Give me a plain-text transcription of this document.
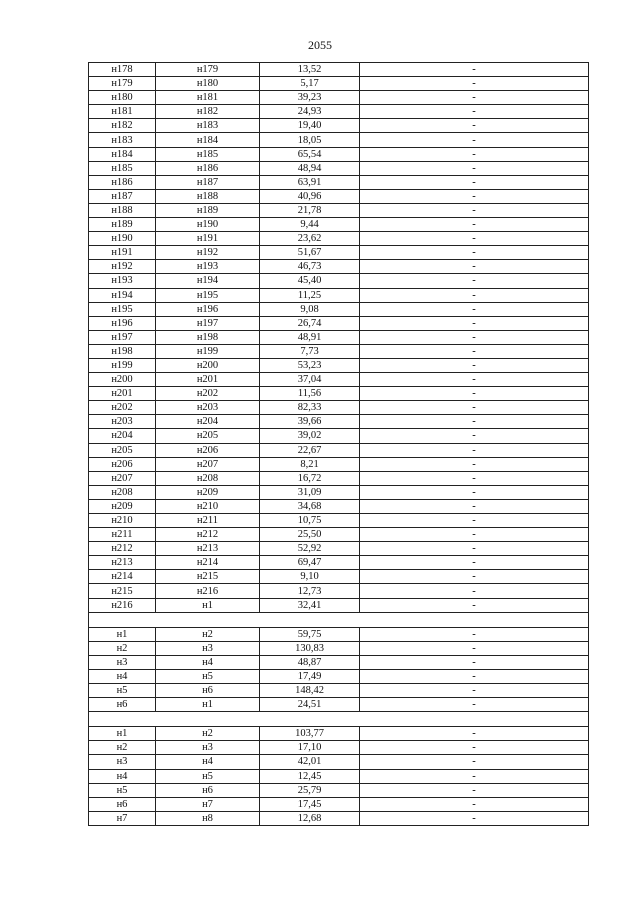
2055
н178	н179	13,52	-
н179	н180	5,17	-
н180	н181	39,23	-
н181	н182	24,93	-
н182	н183	19,40	-
н183	н184	18,05	-
н184	н185	65,54	-
н185	н186	48,94	-
н186	н187	63,91	-
н187	н188	40,96	-
н188	н189	21,78	-
н189	н190	9,44	-
н190	н191	23,62	-
н191	н192	51,67	-
н192	н193	46,73	-
н193	н194	45,40	-
н194	н195	11,25	-
н195	н196	9,08	-
н196	н197	26,74	-
н197	н198	48,91	-
н198	н199	7,73	-
н199	н200	53,23	-
н200	н201	37,04	-
н201	н202	11,56	-
н202	н203	82,33	-
н203	н204	39,66	-
н204	н205	39,02	-
н205	н206	22,67	-
н206	н207	8,21	-
н207	н208	16,72	-
н208	н209	31,09	-
н209	н210	34,68	-
н210	н211	10,75	-
н211	н212	25,50	-
н212	н213	52,92	-
н213	н214	69,47	-
н214	н215	9,10	-
н215	н216	12,73	-
н216	н1	32,41	-

н1	н2	59,75	-
н2	н3	130,83	-
н3	н4	48,87	-
н4	н5	17,49	-
н5	н6	148,42	-
н6	н1	24,51	-

н1	н2	103,77	-
н2	н3	17,10	-
н3	н4	42,01	-
н4	н5	12,45	-
н5	н6	25,79	-
н6	н7	17,45	-
н7	н8	12,68	-
